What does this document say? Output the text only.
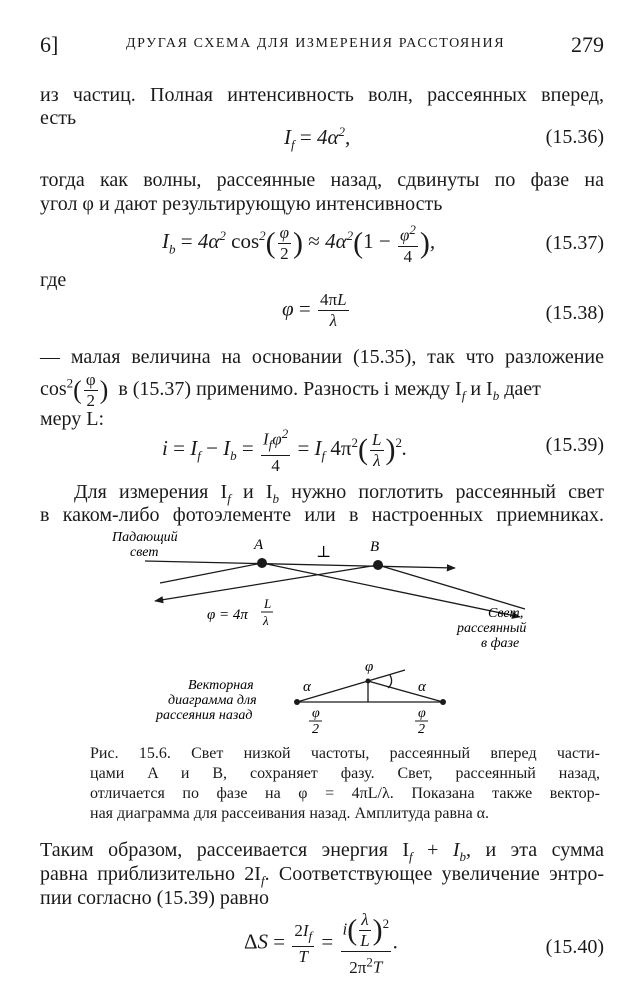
6]	ДРУГАЯ СХЕМА ДЛЯ ИЗМЕРЕНИЯ РАССТОЯНИЯ	279
из частиц. Полная интенсивность волн, рассеянных вперед,
есть
$I_f = 4\alpha^2$,	(15.36)
тогда как волны, рассеянные назад, сдвинуты по фазе на
угол φ и дают результирующую интенсивность
$I_b = 4\alpha^2$ $\cos^2( \frac{\varphi}{2}$ ) ≈ $4\alpha^2(1 - \frac{\varphi^2}{4}$ ),	(15.37)
где
$\varphi = \frac{4\pi L}{\lambda}$	(15.38)
— малая величина на основании (15.35), так что разложение
$\cos^2( \frac{\varphi}{2}$ ) в (15.37) применимо. Разность i между $I_f$ и $I_b$ дает
меру L:
$i = I_f - I_b = \frac{I_f\varphi^2}{4} = I_f$ $4\pi^2( \frac{L}{\lambda} )^2$.	(15.39)
Для измерения $I_f$ и $I_b$ нужно поглотить рассеянный свет
в каком-либо фотоэлементе или в настроенных приемниках.
Падающий
свет	A	B
⊥
φ = 4π
L
λ	Свет,
рассеянный
в фазе
Векторная
диаграмма для
рассеяния назад
α	α
φ
φ
2
φ
2
Рис. 15.6. Свет низкой частоты, рассеянный вперед части-
цами A и B, сохраняет фазу. Свет, рассеянный назад,
отличается по фазе на φ = 4πL/λ. Показана также вектор-
ная диаграмма для рассеивания назад. Амплитуда равна α.
Таким образом, рассеивается энергия $I_f + I_b$, и эта сумма
равна приблизительно $2I_f$. Соответствующее увеличение энтро-
пии согласно (15.39) равно
$\Delta S = \frac{2I_f}{T} = \frac{i( \frac{\lambda}{L} )^2}{2\pi^2T}$ .	(15.40)
